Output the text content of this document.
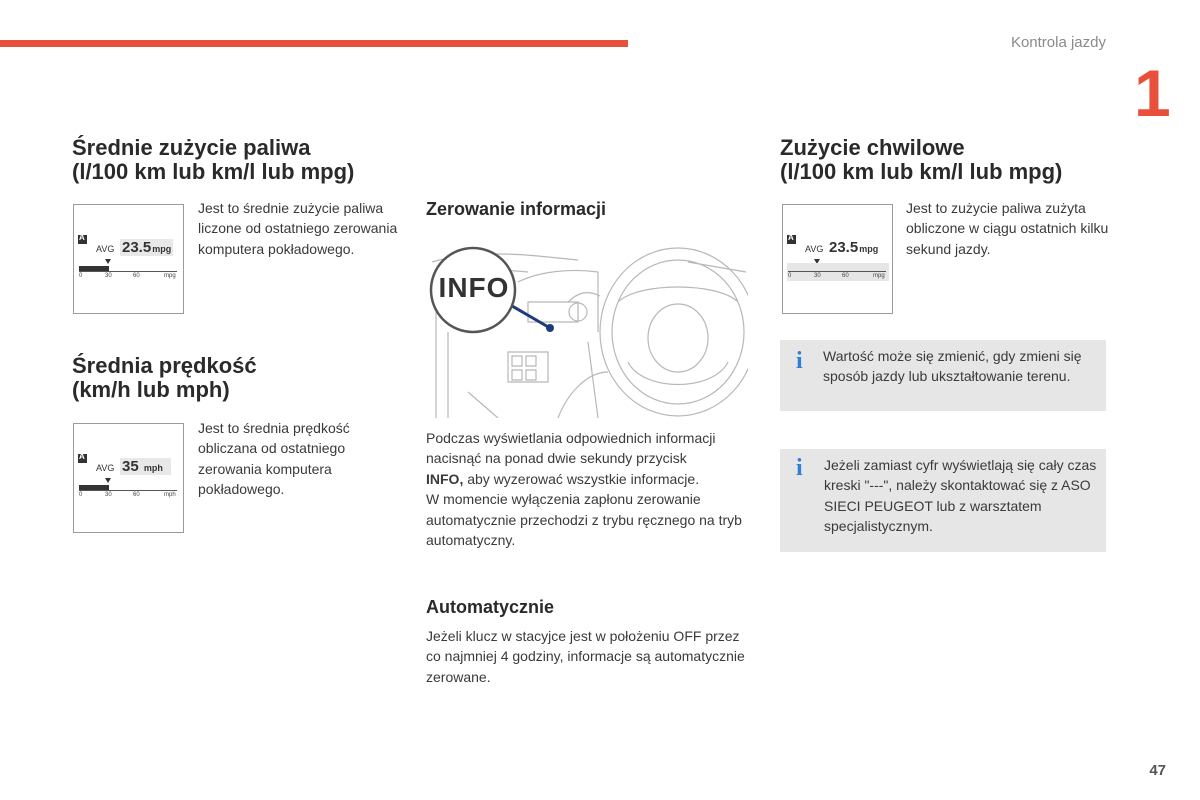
Kontrola jazdy
1
Średnie zużycie paliwa
(l/100 km lub km/l lub mpg)
A
AVG 23.5mpg
0	30	60	mpg
Jest to średnie zużycie paliwa liczone od ostatniego zerowania komputera pokładowego.
Średnia prędkość
(km/h lub mph)
A
AVG 35 mph
0	30	60	mph
Jest to średnia prędkość obliczana od ostatniego zerowania komputera pokładowego.
Zerowanie informacji
INFO
Podczas wyświetlania odpowiednich informacji nacisnąć na ponad dwie sekundy przycisk
INFO, aby wyzerować wszystkie informacje.
W momencie wyłączenia zapłonu zerowanie automatycznie przechodzi z trybu ręcznego na tryb automatyczny.
Automatycznie
Jeżeli klucz w stacyjce jest w położeniu OFF przez co najmniej 4 godziny, informacje są automatycznie zerowane.
Zużycie chwilowe
(l/100 km lub km/l lub mpg)
A
AVG 23.5mpg
0	30	60	mpg
Jest to zużycie paliwa zużyta obliczone w ciągu ostatnich kilku sekund jazdy.
i Wartość może się zmienić, gdy zmieni się sposób jazdy lub ukształtowanie terenu.
i Jeżeli zamiast cyfr wyświetlają się cały czas kreski "---", należy skontaktować się z ASO SIECI PEUGEOT lub z warsztatem specjalistycznym.
47
